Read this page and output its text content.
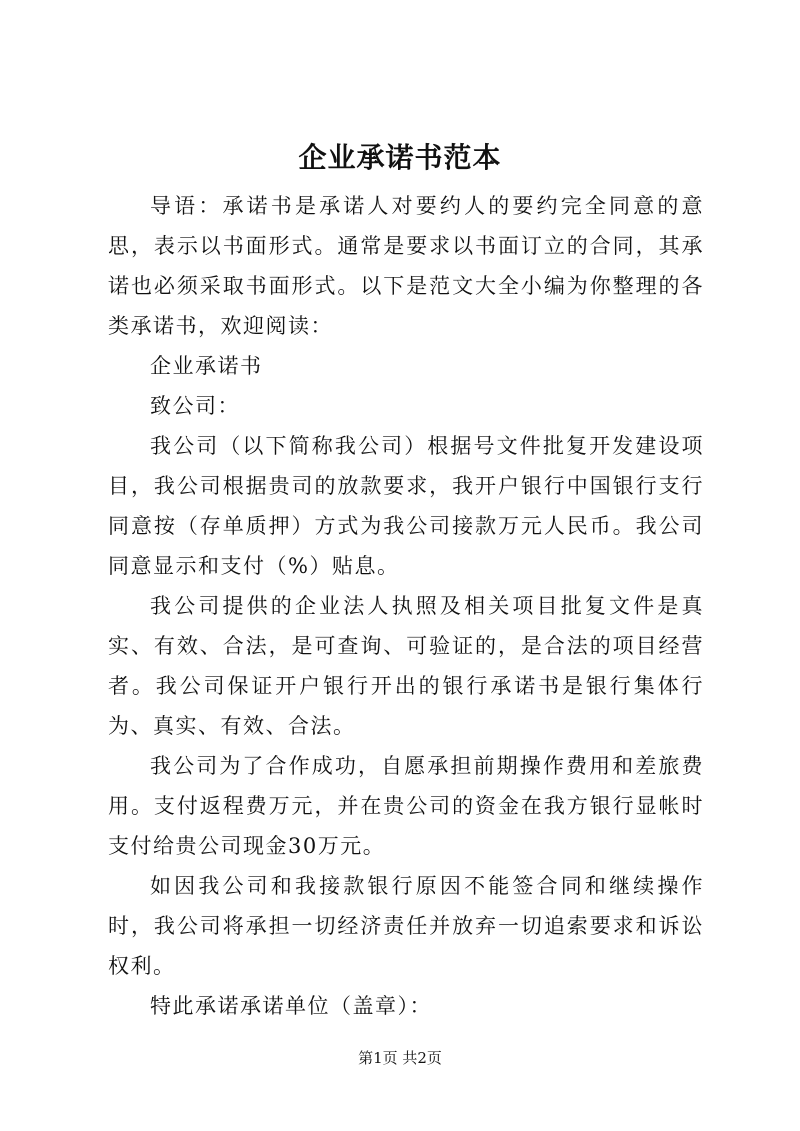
企业承诺书范本

导语：承诺书是承诺人对要约人的要约完全同意的意思，表示以书面形式。通常是要求以书面订立的合同，其承诺也必须采取书面形式。以下是范文大全小编为你整理的各类承诺书，欢迎阅读：

企业承诺书

致公司：

我公司（以下简称我公司）根据号文件批复开发建设项目，我公司根据贵司的放款要求，我开户银行中国银行支行同意按（存单质押）方式为我公司接款万元人民币。我公司同意显示和支付（%）贴息。

我公司提供的企业法人执照及相关项目批复文件是真实、有效、合法，是可查询、可验证的，是合法的项目经营者。我公司保证开户银行开出的银行承诺书是银行集体行为、真实、有效、合法。

我公司为了合作成功，自愿承担前期操作费用和差旅费用。支付返程费万元，并在贵公司的资金在我方银行显帐时支付给贵公司现金30万元。

如因我公司和我接款银行原因不能签合同和继续操作时，我公司将承担一切经济责任并放弃一切追索要求和诉讼权利。

特此承诺承诺单位（盖章）：

第1页 共2页
